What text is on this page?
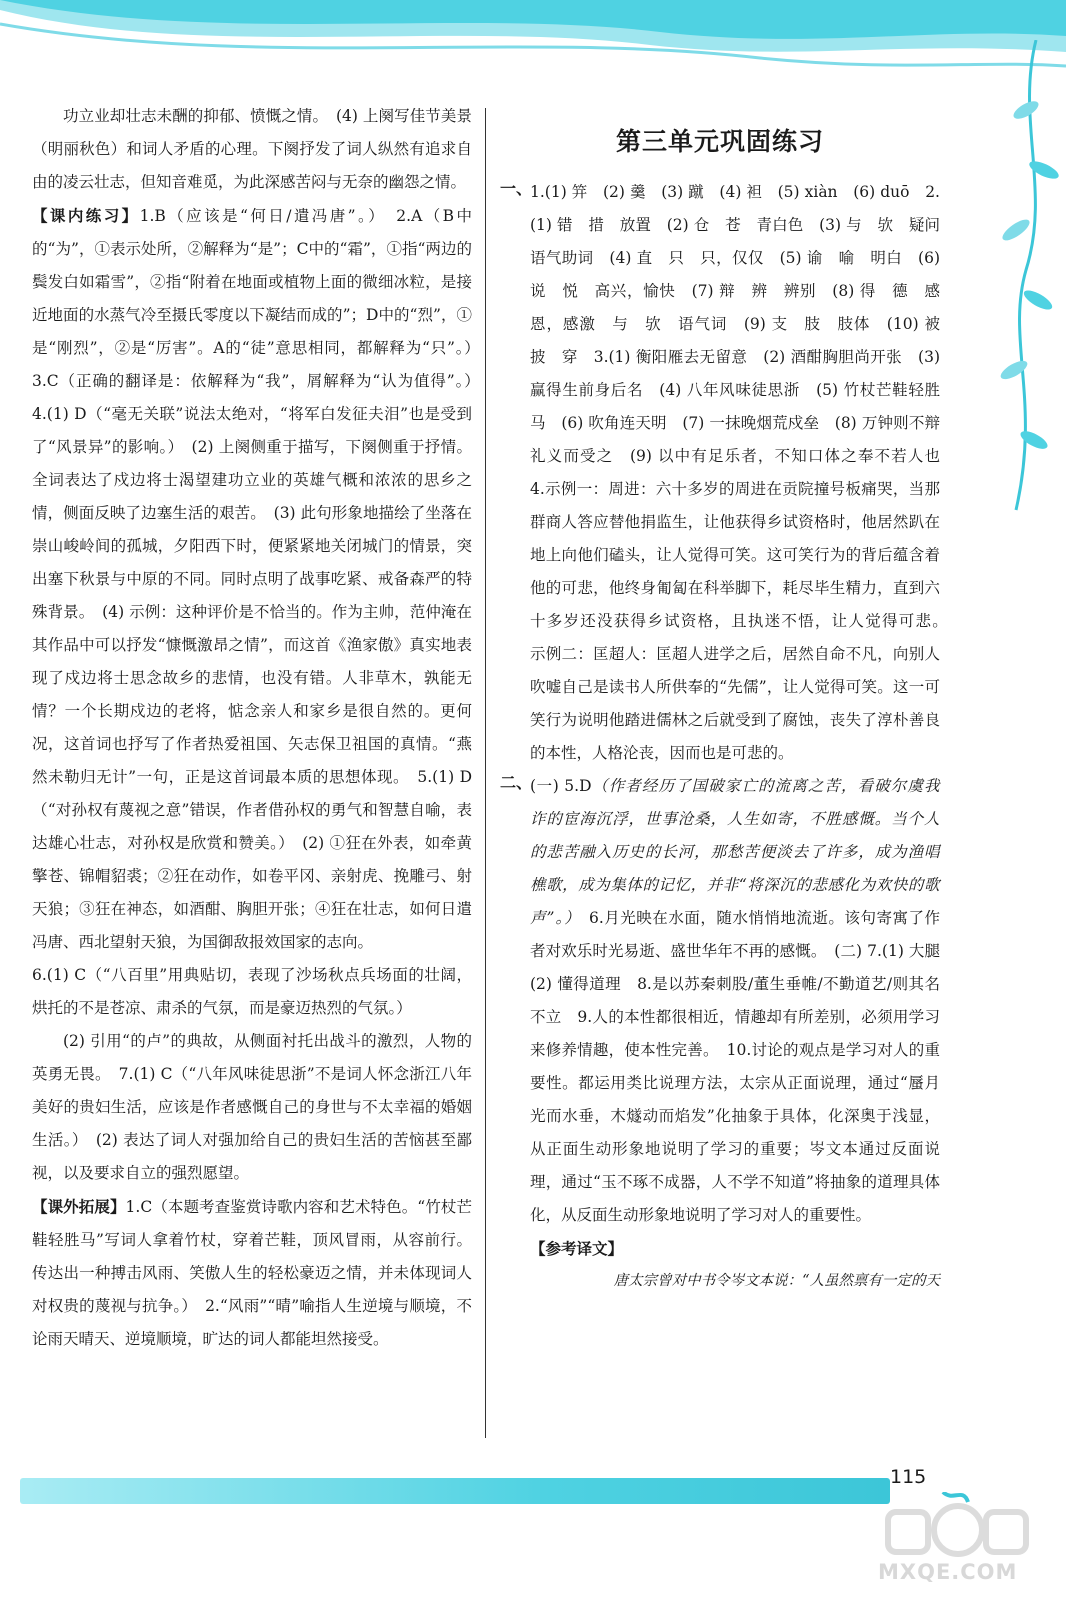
功立业却壮志未酬的抑郁、愤慨之情。　(4) 上阕写佳节美景（明丽秋色）和词人矛盾的心理。下阕抒发了词人纵然有追求自由的凌云壮志，但知音难觅，为此深感苦闷与无奈的幽怨之情。

【课内练习】1.B（应该是“何日/遣冯唐”。）　2.A（B中的“为”，①表示处所，②解释为“是”；C中的“霜”，①指“两边的鬓发白如霜雪”，②指“附着在地面或植物上面的微细冰粒，是接近地面的水蒸气冷至摄氏零度以下凝结而成的”；D中的“烈”，①是“刚烈”，②是“厉害”。A的“徒”意思相同，都解释为“只”。）　3.C（正确的翻译是：依解释为“我”，屑解释为“认为值得”。）　4.(1) D（“毫无关联”说法太绝对，“将军白发征夫泪”也是受到了“风景异”的影响。）　(2) 上阕侧重于描写，下阕侧重于抒情。全词表达了戍边将士渴望建功立业的英雄气概和浓浓的思乡之情，侧面反映了边塞生活的艰苦。　(3) 此句形象地描绘了坐落在崇山峻岭间的孤城，夕阳西下时，便紧紧地关闭城门的情景，突出塞下秋景与中原的不同。同时点明了战事吃紧、戒备森严的特殊背景。　(4) 示例：这种评价是不恰当的。作为主帅，范仲淹在其作品中可以抒发“慷慨激昂之情”，而这首《渔家傲》真实地表现了戍边将士思念故乡的悲情，也没有错。人非草木，孰能无情？一个长期戍边的老将，惦念亲人和家乡是很自然的。更何况，这首词也抒写了作者热爱祖国、矢志保卫祖国的真情。“燕然未勒归无计”一句，正是这首词最本质的思想体现。　5.(1) D（“对孙权有蔑视之意”错误，作者借孙权的勇气和智慧自喻，表达雄心壮志，对孙权是欣赏和赞美。）　(2) ①狂在外表，如牵黄擎苍、锦帽貂裘；②狂在动作，如卷平冈、亲射虎、挽雕弓、射天狼；③狂在神态，如酒酣、胸胆开张；④狂在壮志，如何日遣冯唐、西北望射天狼，为国御敌报效国家的志向。

6.(1) C（“八百里”用典贴切，表现了沙场秋点兵场面的壮阔，烘托的不是苍凉、肃杀的气氛，而是豪迈热烈的气氛。）

(2) 引用“的卢”的典故，从侧面衬托出战斗的激烈，人物的英勇无畏。　7.(1) C（“八年风味徒思浙”不是词人怀念浙江八年美好的贵妇生活，应该是作者感慨自己的身世与不太幸福的婚姻生活。）　(2) 表达了词人对强加给自己的贵妇生活的苦恼甚至鄙视，以及要求自立的强烈愿望。

【课外拓展】1.C（本题考查鉴赏诗歌内容和艺术特色。“竹杖芒鞋轻胜马”写词人拿着竹杖，穿着芒鞋，顶风冒雨，从容前行。传达出一种搏击风雨、笑傲人生的轻松豪迈之情，并未体现词人对权贵的蔑视与抗争。）　2.“风雨”“晴”喻指人生逆境与顺境，不论雨天晴天、逆境顺境，旷达的词人都能坦然接受。

第三单元巩固练习
一、

1.(1) 笄　(2) 羹　(3) 蹴　(4) 袒　(5) xiàn　(6) duō　2.(1) 错　措　放置　(2) 仓　苍　青白色　(3) 与　欤　疑问语气助词　(4) 直　只　只，仅仅　(5) 谕　喻　明白　(6) 说　悦　高兴，愉快　(7) 辩　辨　辨别　(8) 得　德　感恩，感激　与　欤　语气词　(9) 支　肢　肢体　(10) 被　披　穿　3.(1) 衡阳雁去无留意　(2) 酒酣胸胆尚开张　(3) 赢得生前身后名　(4) 八年风味徒思浙　(5) 竹杖芒鞋轻胜马　(6) 吹角连天明　(7) 一抹晚烟荒戍垒　(8) 万钟则不辩礼义而受之　(9) 以中有足乐者，不知口体之奉不若人也　4.示例一：周进：六十多岁的周进在贡院撞号板痛哭，当那群商人答应替他捐监生，让他获得乡试资格时，他居然趴在地上向他们磕头，让人觉得可笑。这可笑行为的背后蕴含着他的可悲，他终身匍匐在科举脚下，耗尽毕生精力，直到六十多岁还没获得乡试资格，且执迷不悟，让人觉得可悲。　示例二：匡超人：匡超人进学之后，居然自命不凡，向别人吹嘘自己是读书人所供奉的“先儒”，让人觉得可笑。这一可笑行为说明他踏进儒林之后就受到了腐蚀，丧失了淳朴善良的本性，人格沦丧，因而也是可悲的。

二、

(一) 5.D（作者经历了国破家亡的流离之苦，看破尔虞我诈的宦海沉浮，世事沧桑，人生如寄，不胜感慨。当个人的悲苦融入历史的长河，那愁苦便淡去了许多，成为渔唱樵歌，成为集体的记忆，并非“将深沉的悲感化为欢快的歌声”。）　6.月光映在水面，随水悄悄地流逝。该句寄寓了作者对欢乐时光易逝、盛世华年不再的感慨。　(二) 7.(1) 大腿　(2) 懂得道理　8.是以苏秦刺股/董生垂帷/不勤道艺/则其名不立　9.人的本性都很相近，情趣却有所差别，必须用学习来修养情趣，使本性完善。　10.讨论的观点是学习对人的重要性。都运用类比说理方法，太宗从正面说理，通过“蜃月光而水垂，木燧动而焰发”化抽象于具体，化深奥于浅显，从正面生动形象地说明了学习的重要；岑文本通过反面说理，通过“玉不琢不成器，人不学不知道”将抽象的道理具体化，从反面生动形象地说明了学习对人的重要性。

【参考译文】

唐太宗曾对中书令岑文本说：“人虽然禀有一定的天

115
MXQE.COM
